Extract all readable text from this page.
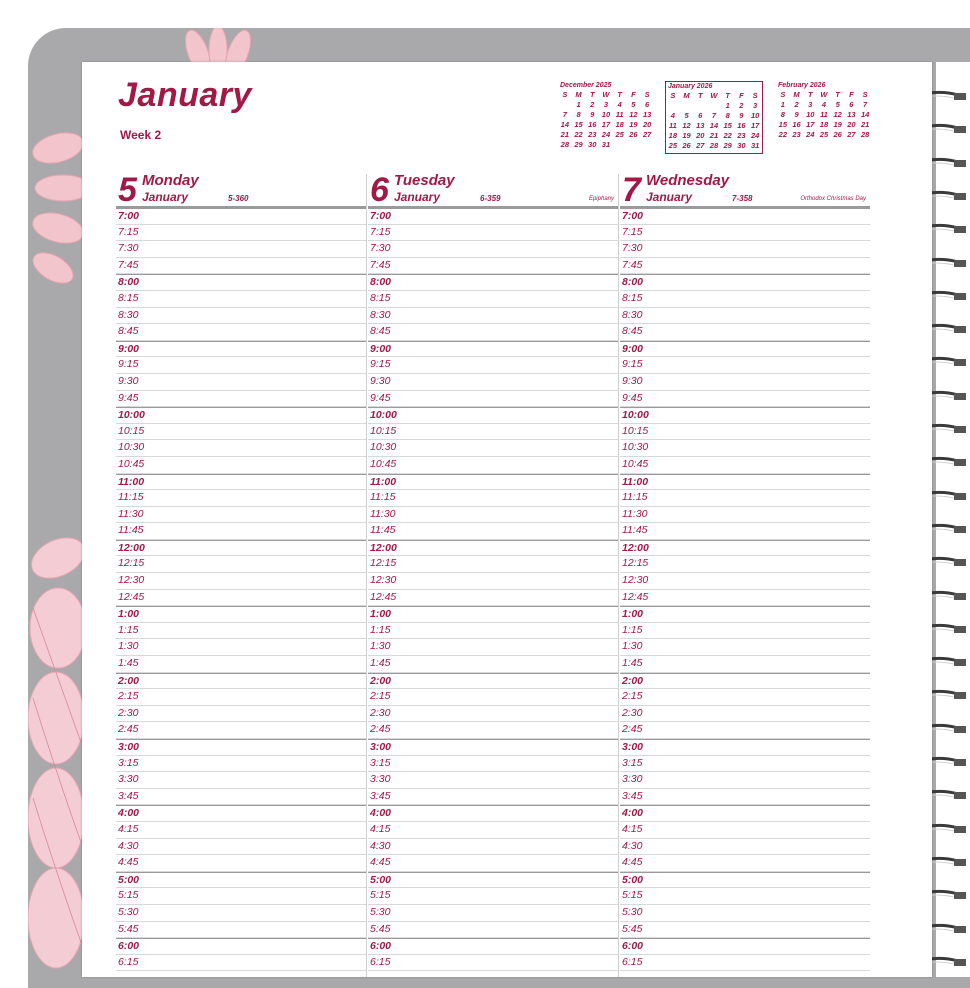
January
Week 2
December 2025
S	M	T	W	T	F	S
	1	2	3	4	5	6
7	8	9	10	11	12	13
14	15	16	17	18	19	20
21	22	23	24	25	26	27
28	29	30	31			
January 2026
S	M	T	W	T	F	S
				1	2	3
4	5	6	7	8	9	10
11	12	13	14	15	16	17
18	19	20	21	22	23	24
25	26	27	28	29	30	31
February 2026
S	M	T	W	T	F	S
1	2	3	4	5	6	7
8	9	10	11	12	13	14
15	16	17	18	19	20	21
22	23	24	25	26	27	28
5 Monday
January	5-360
7:00
7:15
7:30
7:45
8:00
8:15
8:30
8:45
9:00
9:15
9:30
9:45
10:00
10:15
10:30
10:45
11:00
11:15
11:30
11:45
12:00
12:15
12:30
12:45
1:00
1:15
1:30
1:45
2:00
2:15
2:30
2:45
3:00
3:15
3:30
3:45
4:00
4:15
4:30
4:45
5:00
5:15
5:30
5:45
6:00
6:15
6 Tuesday
January	6-359	Epiphany
7:00
7:15
7:30
7:45
8:00
8:15
8:30
8:45
9:00
9:15
9:30
9:45
10:00
10:15
10:30
10:45
11:00
11:15
11:30
11:45
12:00
12:15
12:30
12:45
1:00
1:15
1:30
1:45
2:00
2:15
2:30
2:45
3:00
3:15
3:30
3:45
4:00
4:15
4:30
4:45
5:00
5:15
5:30
5:45
6:00
6:15
7 Wednesday
January	7-358	Orthodox Christmas Day
7:00
7:15
7:30
7:45
8:00
8:15
8:30
8:45
9:00
9:15
9:30
9:45
10:00
10:15
10:30
10:45
11:00
11:15
11:30
11:45
12:00
12:15
12:30
12:45
1:00
1:15
1:30
1:45
2:00
2:15
2:30
2:45
3:00
3:15
3:30
3:45
4:00
4:15
4:30
4:45
5:00
5:15
5:30
5:45
6:00
6:15
